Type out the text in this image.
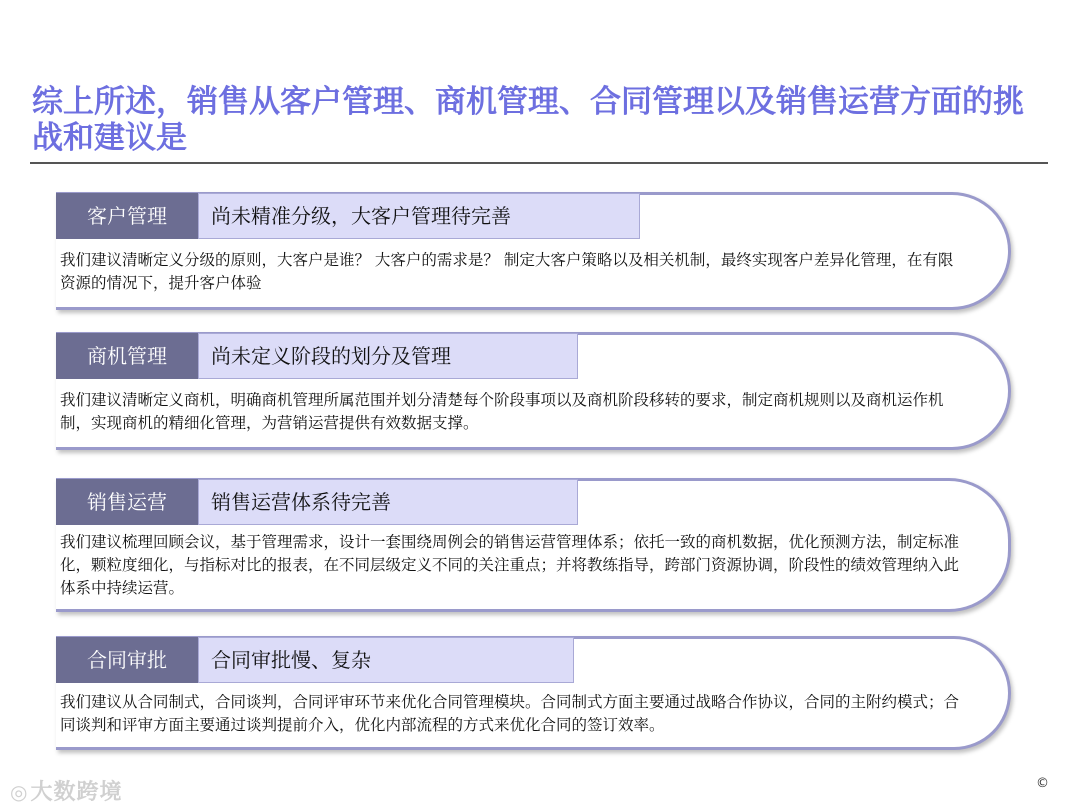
综上所述，销售从客户管理、商机管理、合同管理以及销售运营方面的挑战和建议是
客户管理	尚未精准分级，大客户管理待完善
我们建议清晰定义分级的原则，大客户是谁？ 大客户的需求是？ 制定大客户策略以及相关机制，最终实现客户差异化管理，在有限资源的情况下，提升客户体验
商机管理	尚未定义阶段的划分及管理
我们建议清晰定义商机，明确商机管理所属范围并划分清楚每个阶段事项以及商机阶段移转的要求，制定商机规则以及商机运作机制，实现商机的精细化管理，为营销运营提供有效数据支撑。
销售运营	销售运营体系待完善
我们建议梳理回顾会议，基于管理需求，设计一套围绕周例会的销售运营管理体系；依托一致的商机数据，优化预测方法，制定标准化，颗粒度细化，与指标对比的报表，在不同层级定义不同的关注重点；并将教练指导，跨部门资源协调，阶段性的绩效管理纳入此体系中持续运营。
合同审批	合同审批慢、复杂
我们建议从合同制式，合同谈判，合同评审环节来优化合同管理模块。合同制式方面主要通过战略合作协议，合同的主附约模式；合同谈判和评审方面主要通过谈判提前介入，优化内部流程的方式来优化合同的签订效率。
◎大数跨境	©
